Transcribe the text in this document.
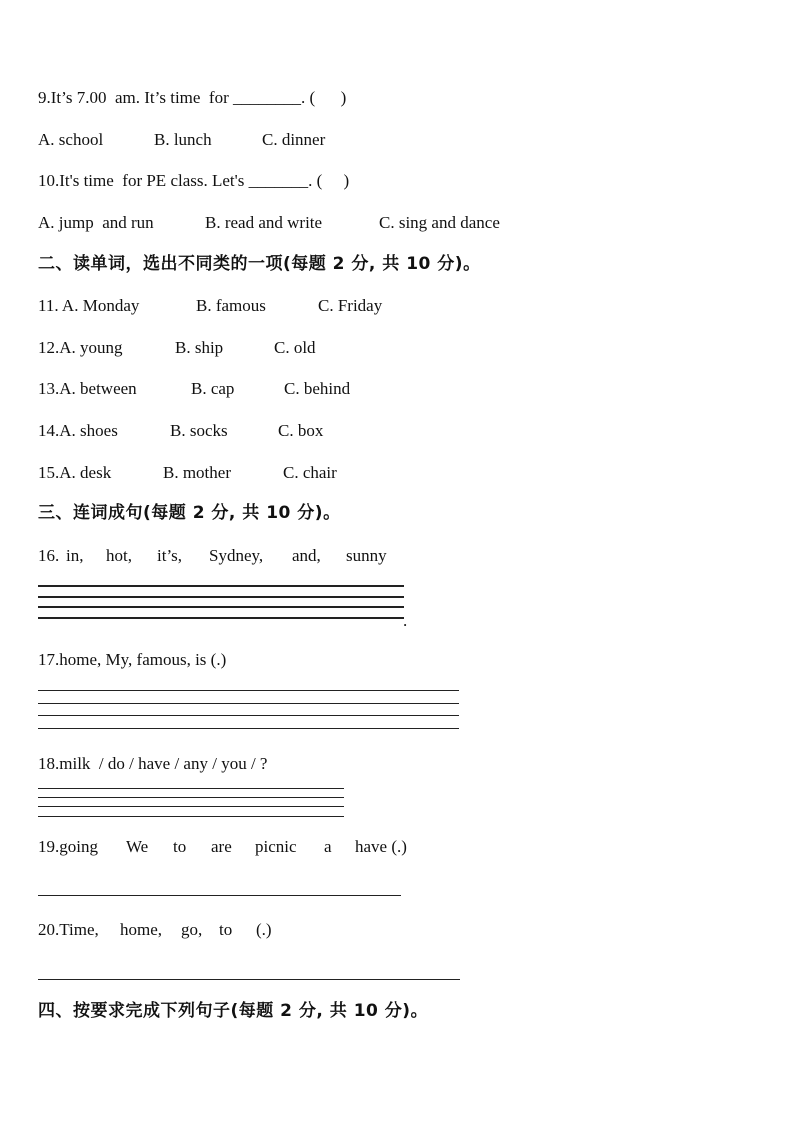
9.It’s 7.00  am. It’s time  for ________. (      )
A. school	B. lunch	C. dinner
10.It's time  for PE class. Let's _______. (     )
A. jump  and run	B. read and write	C. sing and dance
二、读单词，选出不同类的一项(每题 2 分, 共 10 分)。
11. A. Monday	B. famous	C. Friday
12.A. young	B. ship	C. old
13.A. between	B. cap	C. behind
14.A. shoes	B. socks	C. box
15.A. desk	B. mother	C. chair
三、连词成句(每题 2 分, 共 10 分)。
16. in, hot, it’s, Sydney, and, sunny
.
17.home, My, famous, is (.)
18.milk  / do / have / any / you / ?
19.going We to are picnic a have (.)
20.Time, home, go, to (.)
四、按要求完成下列句子(每题 2 分, 共 10 分)。
